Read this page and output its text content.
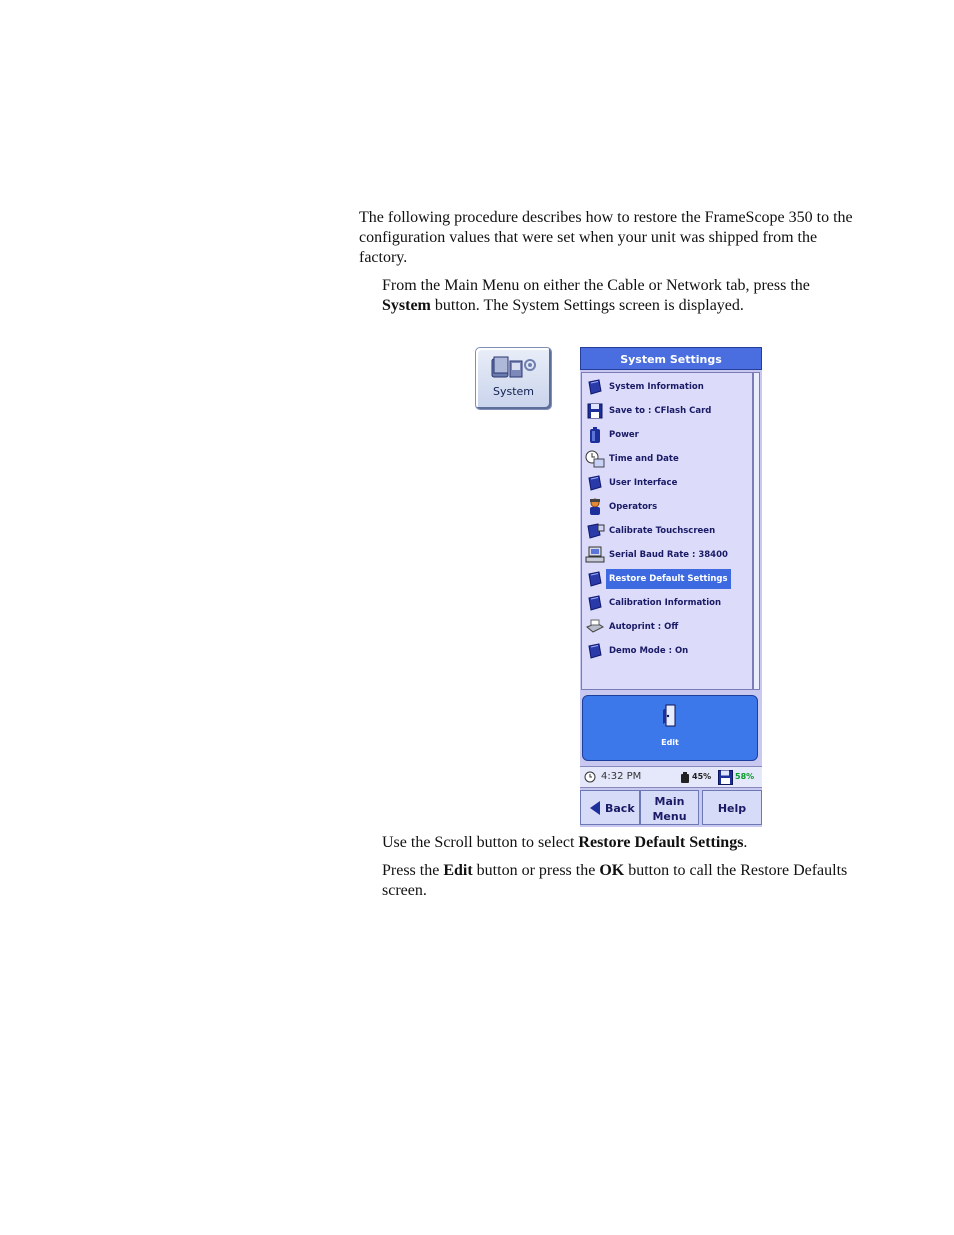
The following procedure describes how to restore the FrameScope 350 to the configuration values that were set when your unit was shipped from the factory.

From the Main Menu on either the Cable or Network tab, press the System button. The System Settings screen is displayed.

System
System Settings
System Information
Save to : CFlash Card
Power
Time and Date
User Interface
Operators
Calibrate Touchscreen
Serial Baud Rate : 38400
Restore Default Settings
Calibration Information
Autoprint : Off
Demo Mode : On
Edit
4:32 PM	45%	58%
Back
Main
Menu
Help

Use the Scroll button to select Restore Default Settings.

Press the Edit button or press the OK button to call the Restore Defaults screen.
